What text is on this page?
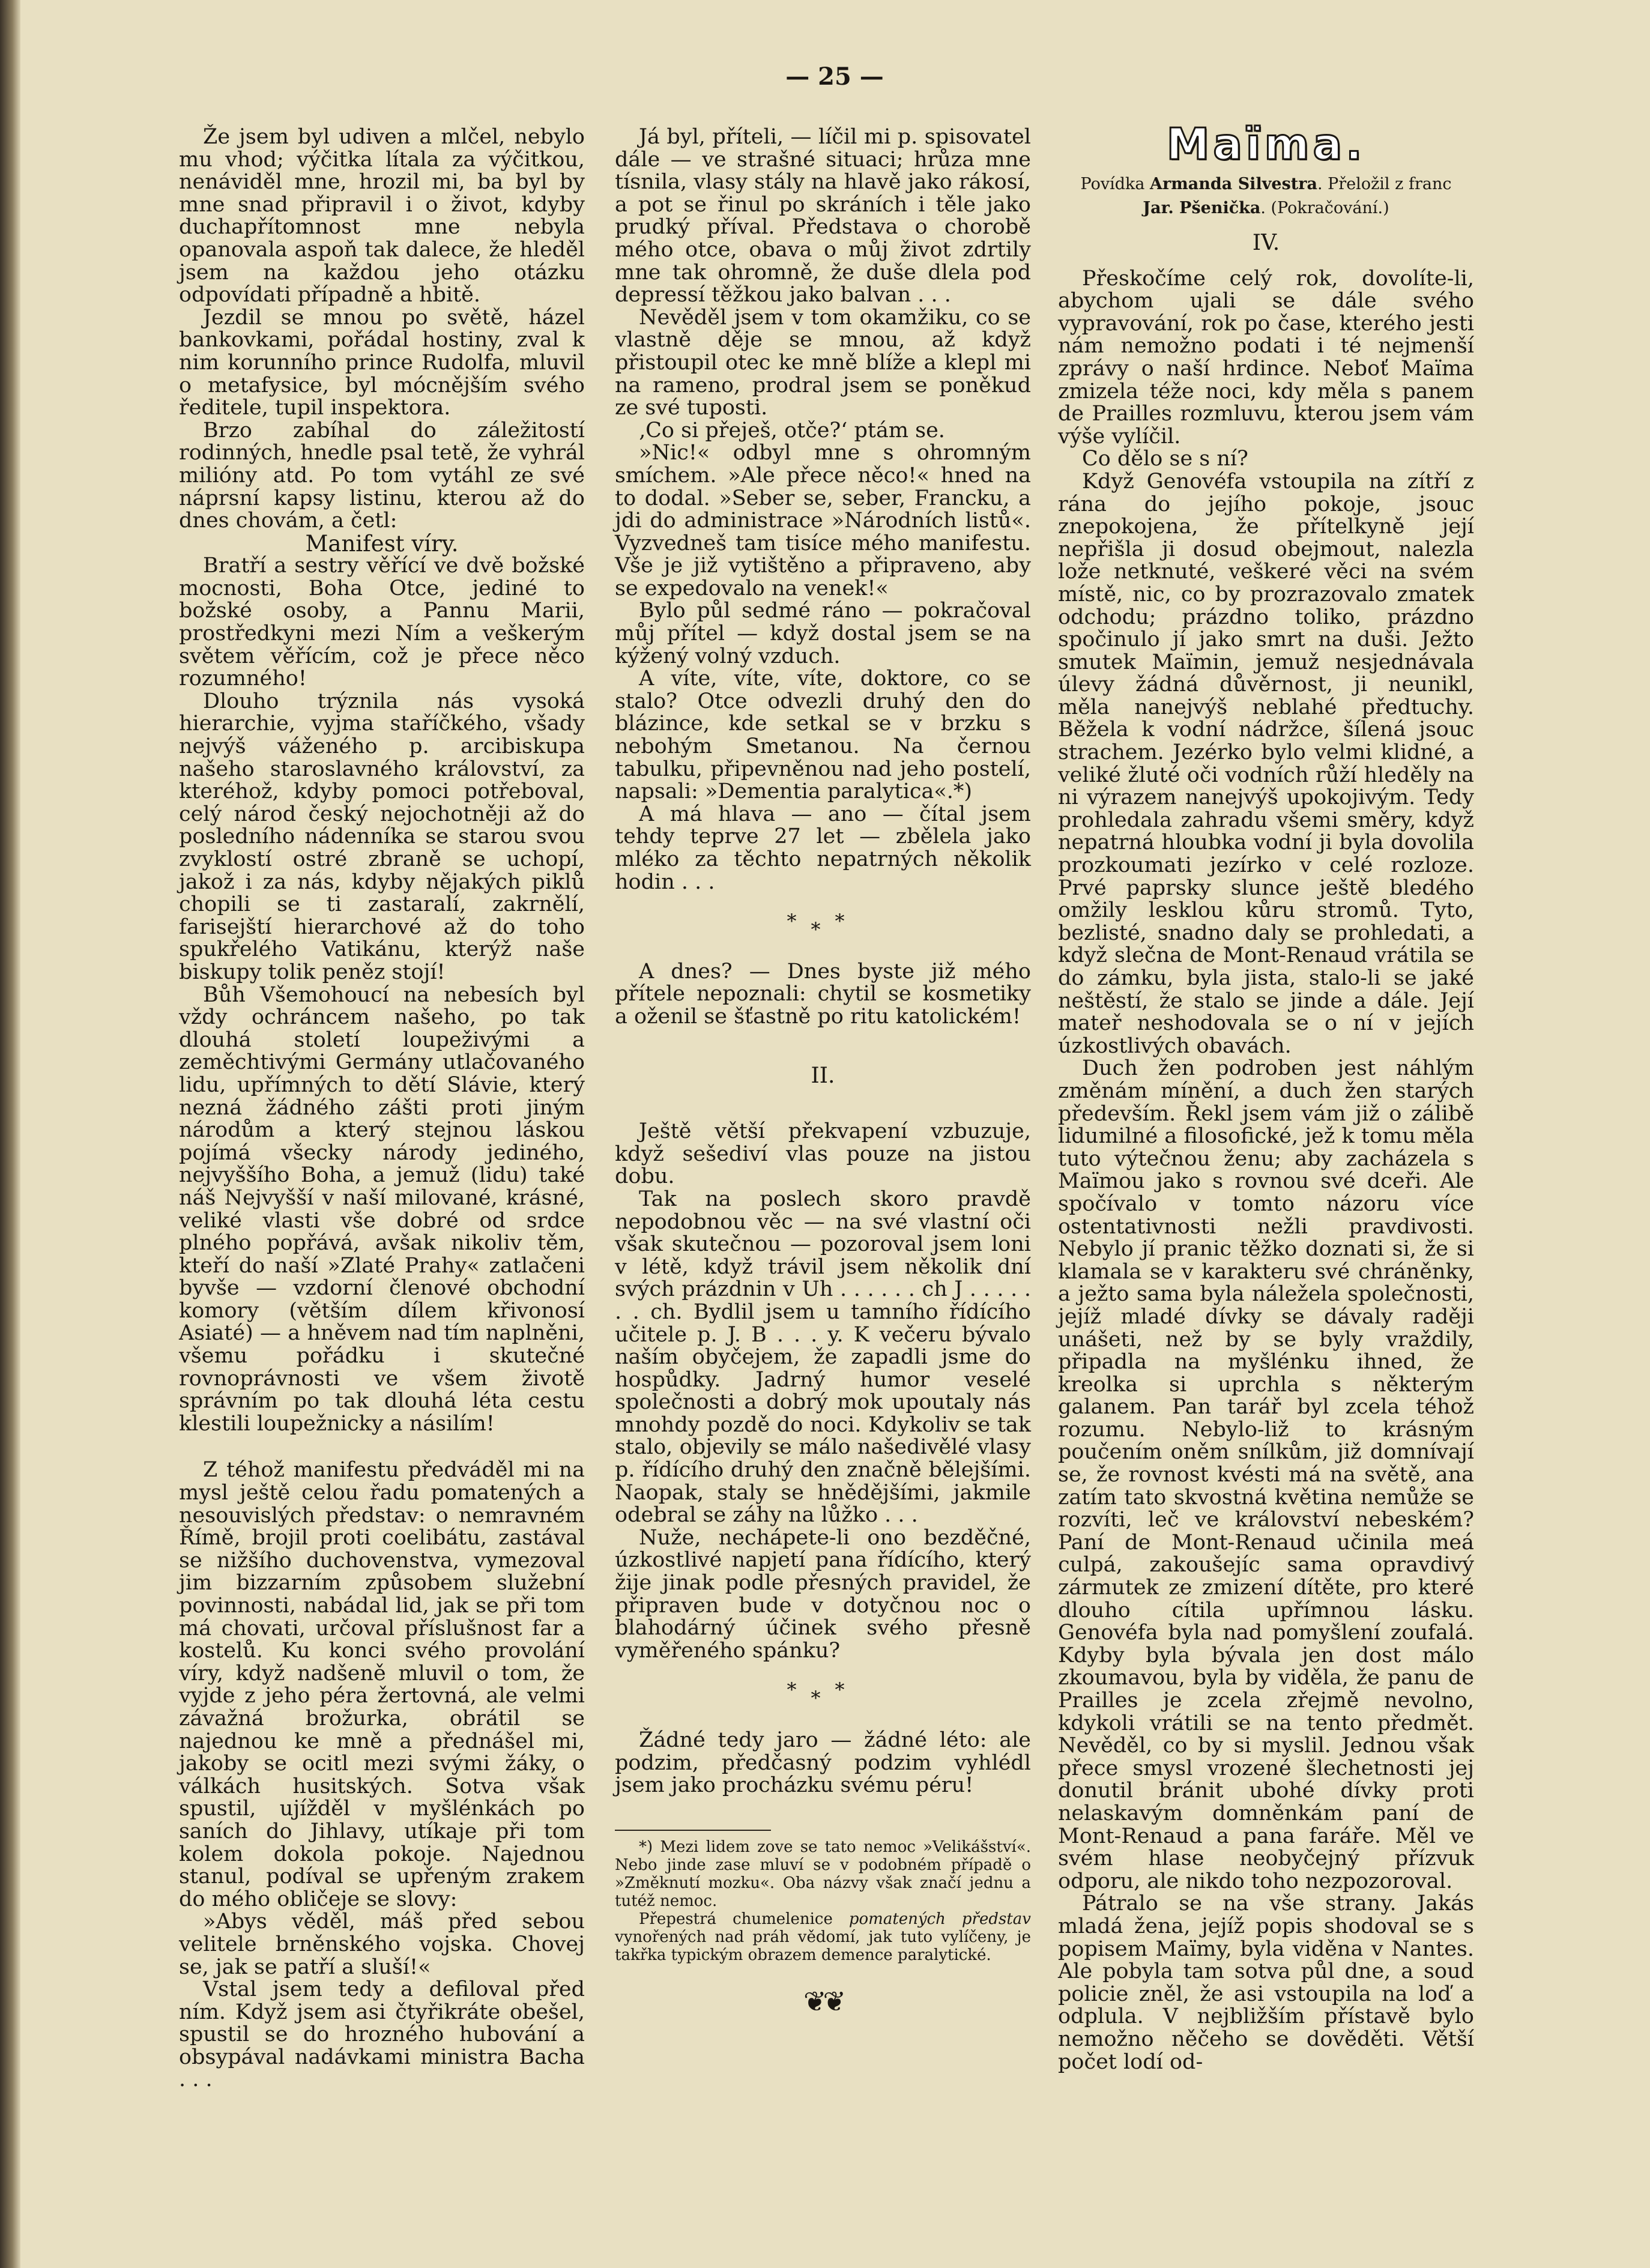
— 25 —

Že jsem byl udiven a mlčel, nebylo mu vhod; výčitka lítala za výčitkou, nenáviděl mne, hrozil mi, ba byl by mne snad připravil i o život, kdyby duchapřítomnost mne nebyla opanovala aspoň tak dalece, že hleděl jsem na každou jeho otázku odpovídati případně a hbitě.

Jezdil se mnou po světě, házel bankovkami, pořádal hostiny, zval k nim korunního prince Rudolfa, mluvil o metafysice, byl mócnějším svého ředitele, tupil inspektora.

Brzo zabíhal do záležitostí rodinných, hnedle psal tetě, že vyhrál milióny atd. Po tom vytáhl ze své náprsní kapsy listinu, kterou až do dnes chovám, a četl:

Manifest víry.

Bratří a sestry věřící ve dvě božské mocnosti, Boha Otce, jediné to božské osoby, a Pannu Marii, prostředkyni mezi Ním a veškerým světem věřícím, což je přece něco rozumného!

Dlouho trýznila nás vysoká hierarchie, vyjma staříčkého, všady nejvýš váženého p. arcibiskupa našeho staroslavného království, za kteréhož, kdyby pomoci potřeboval, celý národ český nejochotněji až do posledního nádenníka se starou svou zvyklostí ostré zbraně se uchopí, jakož i za nás, kdyby nějakých piklů chopili se ti zastaralí, zakrnělí, farisejští hierarchové až do toho spukřelého Vatikánu, kterýž naše biskupy tolik peněz stojí!

Bůh Všemohoucí na nebesích byl vždy ochráncem našeho, po tak dlouhá století loupeživými a zeměchtivými Germány utlačovaného lidu, upřímných to dětí Slávie, který nezná žádného zášti proti jiným národům a který stejnou láskou pojímá všecky národy jediného, nejvyššího Boha, a jemuž (lidu) také náš Nejvyšší v naší milované, krásné, veliké vlasti vše dobré od srdce plného popřává, avšak nikoliv těm, kteří do naší »Zlaté Prahy« zatlačeni byvše — vzdorní členové obchodní komory (větším dílem křivonosí Asiaté) — a hněvem nad tím naplněni, všemu pořádku i skutečné rovnoprávnosti ve všem životě správním po tak dlouhá léta cestu klestili loupežnicky a násilím!

Z téhož manifestu předváděl mi na mysl ještě celou řadu pomatených a nesouvislých představ: o nemravném Římě, brojil proti coelibátu, zastával se nižšího duchovenstva, vymezoval jim bizzarním způsobem služební povinnosti, nabádal lid, jak se při tom má chovati, určoval příslušnost far a kostelů. Ku konci svého provolání víry, když nadšeně mluvil o tom, že vyjde z jeho péra žertovná, ale velmi závažná brožurka, obrátil se najednou ke mně a přednášel mi, jakoby se ocitl mezi svými žáky, o válkách husitských. Sotva však spustil, ujížděl v myšlénkách po saních do Jihlavy, utíkaje při tom kolem dokola pokoje. Najednou stanul, podíval se upřeným zrakem do mého obličeje se slovy:

»Abys věděl, máš před sebou velitele brněnského vojska. Chovej se, jak se patří a sluší!«

Vstal jsem tedy a defiloval před ním. Když jsem asi čtyřikráte obešel, spustil se do hrozného hubování a obsypával nadávkami ministra Bacha . . .

Já byl, příteli, — líčil mi p. spisovatel dále — ve strašné situaci; hrůza mne tísnila, vlasy stály na hlavě jako rákosí, a pot se řinul po skráních i těle jako prudký příval. Představa o chorobě mého otce, obava o můj život zdrtily mne tak ohromně, že duše dlela pod depressí těžkou jako balvan . . .

Nevěděl jsem v tom okamžiku, co se vlastně děje se mnou, až když přistoupil otec ke mně blíže a klepl mi na rameno, prodral jsem se poněkud ze své tuposti.

‚Co si přeješ, otče?‘ ptám se.

»Nic!« odbyl mne s ohromným smíchem. »Ale přece něco!« hned na to dodal. »Seber se, seber, Francku, a jdi do administrace »Národních listů«. Vyzvedneš tam tisíce mého manifestu. Vše je již vytištěno a připraveno, aby se expedovalo na venek!«

Bylo půl sedmé ráno — pokračoval můj přítel — když dostal jsem se na kýžený volný vzduch.

A víte, víte, víte, doktore, co se stalo? Otce odvezli druhý den do blázince, kde setkal se v brzku s nebohým Smetanou. Na černou tabulku, připevněnou nad jeho postelí, napsali: »Dementia paralytica«.*)

A má hlava — ano — čítal jsem tehdy teprve 27 let — zbělela jako mléko za těchto nepatrných několik hodin . . .

***

A dnes? — Dnes byste již mého přítele nepoznali: chytil se kosmetiky a oženil se šťastně po ritu katolickém!

II.

Ještě větší překvapení vzbuzuje, když sešediví vlas pouze na jistou dobu.

Tak na poslech skoro pravdě nepodobnou věc — na své vlastní oči však skutečnou — pozoroval jsem loni v létě, když trávil jsem několik dní svých prázdnin v Uh . . . . . . ch J . . . . . . . ch. Bydlil jsem u tamního řídícího učitele p. J. B . . . y. K večeru bývalo naším obyčejem, že zapadli jsme do hospůdky. Jadrný humor veselé společnosti a dobrý mok upoutaly nás mnohdy pozdě do noci. Kdykoliv se tak stalo, objevily se málo našedivělé vlasy p. řídícího druhý den značně bělejšími. Naopak, staly se hnědějšími, jakmile odebral se záhy na lůžko . . .

Nuže, nechápete-li ono bezděčné, úzkostlivé napjetí pana řídícího, který žije jinak podle přesných pravidel, že připraven bude v dotyčnou noc o blahodárný účinek svého přesně vyměřeného spánku?

***

Žádné tedy jaro — žádné léto: ale podzim, předčasný podzim vyhlédl jsem jako procházku svému péru!

*) Mezi lidem zove se tato nemoc »Velikášství«. Nebo jinde zase mluví se v podobném případě o »Změknutí mozku«. Oba názvy však značí jednu a tutéž nemoc.

Přepestrá chumelenice pomatených představ vynořených nad práh vědomí, jak tuto vylíčeny, je takřka typickým obrazem demence paralytické.

❦❦
Maïma.
Povídka Armanda Silvestra. Přeložil z franc
Jar. Pšenička. (Pokračování.)
IV.

Přeskočíme celý rok, dovolíte-li, abychom ujali se dále svého vypravování, rok po čase, kterého jesti nám nemožno podati i té nejmenší zprávy o naší hrdince. Neboť Maïma zmizela téže noci, kdy měla s panem de Prailles rozmluvu, kterou jsem vám výše vylíčil.

Co dělo se s ní?

Když Genovéfa vstoupila na zítří z rána do jejího pokoje, jsouc znepokojena, že přítelkyně její nepřišla ji dosud obejmout, nalezla lože netknuté, veškeré věci na svém místě, nic, co by prozrazovalo zmatek odchodu; prázdno toliko, prázdno spočinulo jí jako smrt na duši. Ježto smutek Maïmin, jemuž nesjednávala úlevy žádná důvěrnost, ji neunikl, měla nanejvýš neblahé předtuchy. Běžela k vodní nádržce, šílená jsouc strachem. Jezérko bylo velmi klidné, a veliké žluté oči vodních růží hleděly na ni výrazem nanejvýš upokojivým. Tedy prohledala zahradu všemi směry, když nepatrná hloubka vodní ji byla dovolila prozkoumati jezírko v celé rozloze. Prvé paprsky slunce ještě bledého omžily lesklou kůru stromů. Tyto, bezlisté, snadno daly se prohledati, a když slečna de Mont-Renaud vrátila se do zámku, byla jista, stalo-li se jaké neštěstí, že stalo se jinde a dále. Její mateř neshodovala se o ní v jejích úzkostlivých obavách.

Duch žen podroben jest náhlým změnám mínění, a duch žen starých především. Řekl jsem vám již o zálibě lidumilné a filosofické, jež k tomu měla tuto výtečnou ženu; aby zacházela s Maïmou jako s rovnou své dceři. Ale spočívalo v tomto názoru více ostentativnosti nežli pravdivosti. Nebylo jí pranic těžko doznati si, že si klamala se v karakteru své chráněnky, a ježto sama byla náležela společnosti, jejíž mladé dívky se dávaly raději unášeti, než by se byly vraždily, připadla na myšlénku ihned, že kreolka si uprchla s některým galanem. Pan tarář byl zcela téhož rozumu. Nebylo-liž to krásným poučením oněm snílkům, již domnívají se, že rovnost kvésti má na světě, ana zatím tato skvostná květina nemůže se rozvíti, leč ve království nebeském? Paní de Mont-Renaud učinila meá culpá, zakoušejíc sama opravdivý zármutek ze zmizení dítěte, pro které dlouho cítila upřímnou lásku. Genovéfa byla nad pomyšlení zoufalá. Kdyby byla bývala jen dost málo zkoumavou, byla by viděla, že panu de Prailles je zcela zřejmě nevolno, kdykoli vrátili se na tento předmět. Nevěděl, co by si myslil. Jednou však přece smysl vrozené šlechetnosti jej donutil bránit ubohé dívky proti nelaskavým domněnkám paní de Mont-Renaud a pana faráře. Měl ve svém hlase neobyčejný přízvuk odporu, ale nikdo toho nezpozoroval.

Pátralo se na vše strany. Jakás mladá žena, jejíž popis shodoval se s popisem Maïmy, byla viděna v Nantes. Ale pobyla tam sotva půl dne, a soud policie zněl, že asi vstoupila na loď a odplula. V nejbližším přístavě bylo nemožno něčeho se dověděti. Větší počet lodí od-
